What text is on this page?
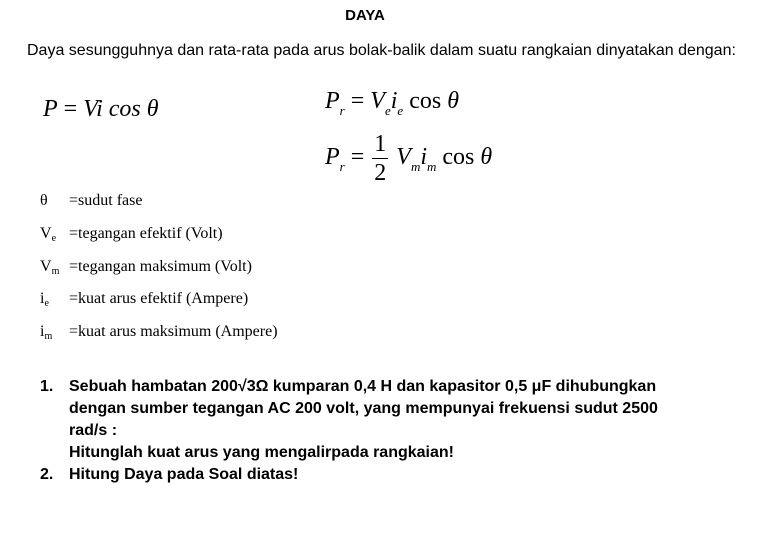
DAYA
Daya sesungguhnya dan rata-rata pada arus bolak-balik dalam suatu rangkaian dinyatakan dengan:
P = Vi cos θ	$P_r = V_ei_e$ cos θ
$P_r = \frac{1}{2} V_mi_m$ cos θ
θ =sudut fase
$V_e$ =tegangan efektif (Volt)
$V_m$ =tegangan maksimum (Volt)
$i_e$ =kuat arus efektif (Ampere)
$i_m$ =kuat arus maksimum (Ampere)
1. Sebuah hambatan 200√3Ω kumparan 0,4 H dan kapasitor 0,5 μF dihubungkan
dengan sumber tegangan AC 200 volt, yang mempunyai frekuensi sudut 2500
rad/s :
Hitunglah kuat arus yang mengalirpada rangkaian!
2. Hitung Daya pada Soal diatas!
